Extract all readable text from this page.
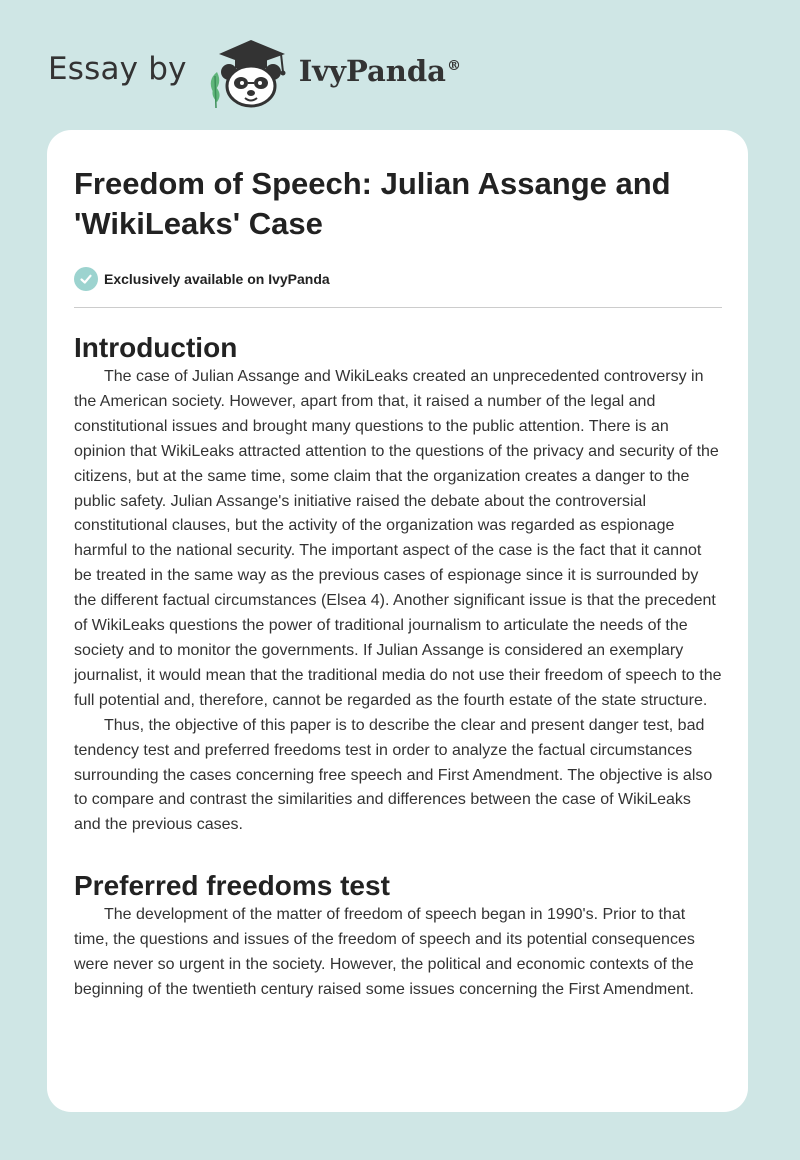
Essay by	IvyPanda®
Freedom of Speech: Julian Assange and 'WikiLeaks' Case
Exclusively available on IvyPanda
Introduction

The case of Julian Assange and WikiLeaks created an unprecedented controversy in the American society. However, apart from that, it raised a number of the legal and constitutional issues and brought many questions to the public attention. There is an opinion that WikiLeaks attracted attention to the questions of the privacy and security of the citizens, but at the same time, some claim that the organization creates a danger to the public safety. Julian Assange's initiative raised the debate about the controversial constitutional clauses, but the activity of the organization was regarded as espionage harmful to the national security. The important aspect of the case is the fact that it cannot be treated in the same way as the previous cases of espionage since it is surrounded by the different factual circumstances (Elsea 4). Another significant issue is that the precedent of WikiLeaks questions the power of traditional journalism to articulate the needs of the society and to monitor the governments. If Julian Assange is considered an exemplary journalist, it would mean that the traditional media do not use their freedom of speech to the full potential and, therefore, cannot be regarded as the fourth estate of the state structure.

Thus, the objective of this paper is to describe the clear and present danger test, bad tendency test and preferred freedoms test in order to analyze the factual circumstances surrounding the cases concerning free speech and First Amendment. The objective is also to compare and contrast the similarities and differences between the case of WikiLeaks and the previous cases.

Preferred freedoms test

The development of the matter of freedom of speech began in 1990's. Prior to that time, the questions and issues of the freedom of speech and its potential consequences were never so urgent in the society. However, the political and economic contexts of the beginning of the twentieth century raised some issues concerning the First Amendment.
